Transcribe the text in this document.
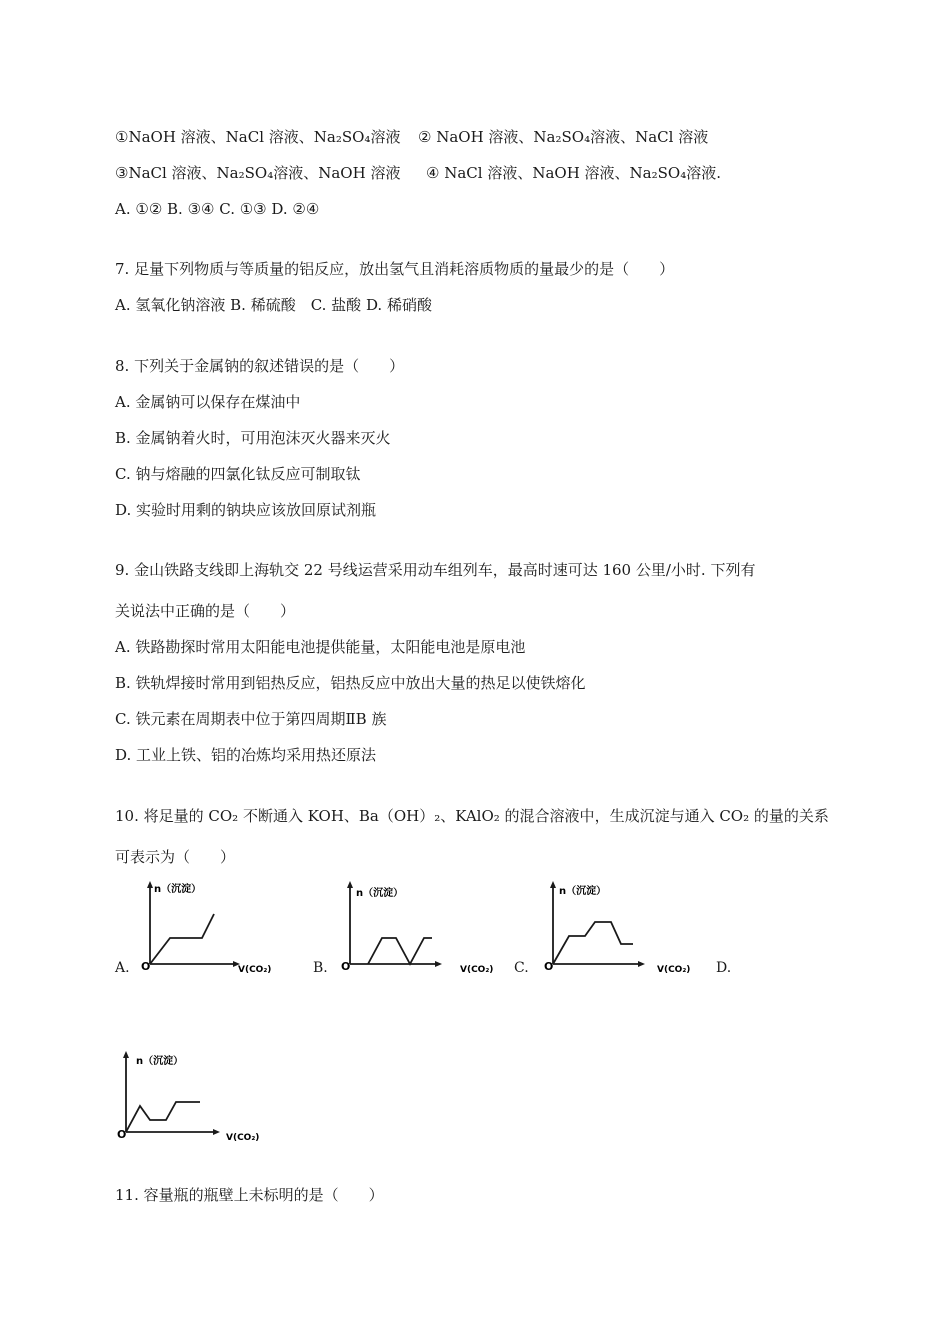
①NaOH 溶液、NaCl 溶液、Na₂SO₄溶液 ② NaOH 溶液、Na₂SO₄溶液、NaCl 溶液
③NaCl 溶液、Na₂SO₄溶液、NaOH 溶液 ④ NaCl 溶液、NaOH 溶液、Na₂SO₄溶液.
A. ①② B. ③④ C. ①③ D. ②④
7. 足量下列物质与等质量的铝反应，放出氢气且消耗溶质物质的量最少的是（　　）
A. 氢氧化钠溶液 B. 稀硫酸　C. 盐酸 D. 稀硝酸
8. 下列关于金属钠的叙述错误的是（　　）
A. 金属钠可以保存在煤油中
B. 金属钠着火时，可用泡沫灭火器来灭火
C. 钠与熔融的四氯化钛反应可制取钛
D. 实验时用剩的钠块应该放回原试剂瓶
9. 金山铁路支线即上海轨交 22 号线运营采用动车组列车，最高时速可达 160 公里/小时. 下列有
关说法中正确的是（　　）
A. 铁路勘探时常用太阳能电池提供能量，太阳能电池是原电池
B. 铁轨焊接时常用到铝热反应，铝热反应中放出大量的热足以使铁熔化
C. 铁元素在周期表中位于第四周期ⅡB 族
D. 工业上铁、铝的冶炼均采用热还原法
10. 将足量的 CO₂ 不断通入 KOH、Ba（OH）₂、KAlO₂ 的混合溶液中，生成沉淀与通入 CO₂ 的量的关系
可表示为（　　）
A.	B.	C.	D.
n（沉淀）
V(CO₂)
O
n（沉淀）
V(CO₂)
O
n（沉淀）
V(CO₂)
O
n（沉淀）
V(CO₂)
O
11. 容量瓶的瓶壁上未标明的是（　　）
